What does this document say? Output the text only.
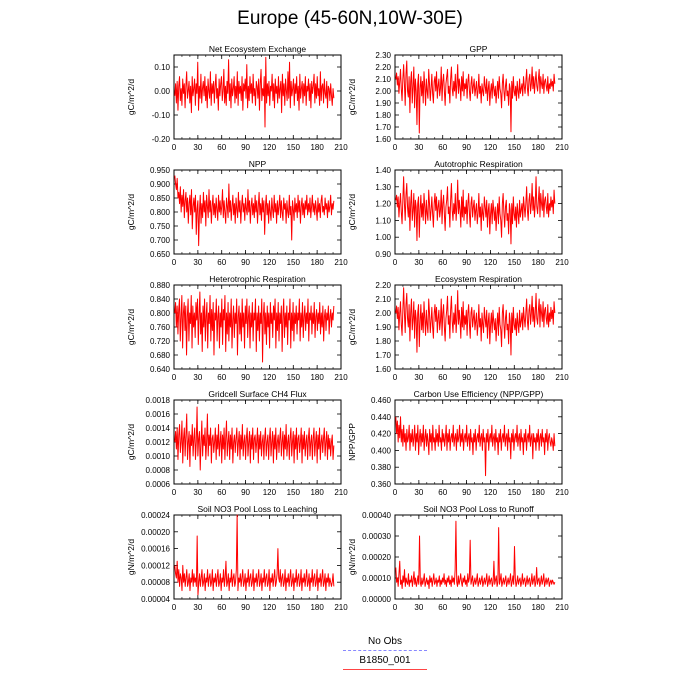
Europe (45-60N,10W-30E)
Net Ecosystem Exchange
0 30 60 90 120 150 180 210
0.10
0.00
-0.10
-0.20
gC/m^2/d
GPP
0 30 60 90 120 150 180 210
2.30
2.20
2.10
2.00
1.90
1.80
1.70
1.60
gC/m^2/d
NPP
0 30 60 90 120 150 180 210
0.950
0.900
0.850
0.800
0.750
0.700
0.650
gC/m^2/d
Autotrophic Respiration
0 30 60 90 120 150 180 210
1.40
1.30
1.20
1.10
1.00
0.90
gC/m^2/d
Heterotrophic Respiration
0 30 60 90 120 150 180 210
0.880
0.840
0.800
0.760
0.720
0.680
0.640
gC/m^2/d
Ecosystem Respiration
0 30 60 90 120 150 180 210
2.20
2.10
2.00
1.90
1.80
1.70
1.60
gC/m^2/d
Gridcell Surface CH4 Flux
0 30 60 90 120 150 180 210
0.0018
0.0016
0.0014
0.0012
0.0010
0.0008
0.0006
gC/m^2/d
Carbon Use Efficiency (NPP/GPP)
0 30 60 90 120 150 180 210
0.460
0.440
0.420
0.400
0.380
0.360
NPP/GPP
Soil NO3 Pool Loss to Leaching
0 30 60 90 120 150 180 210
0.00024
0.00020
0.00016
0.00012
0.00008
0.00004
gN/m^2/d
Soil NO3 Pool Loss to Runoff
0 30 60 90 120 150 180 210
0.00040
0.00030
0.00020
0.00010
0.00000
gN/m^2/d
No Obs
B1850_001
